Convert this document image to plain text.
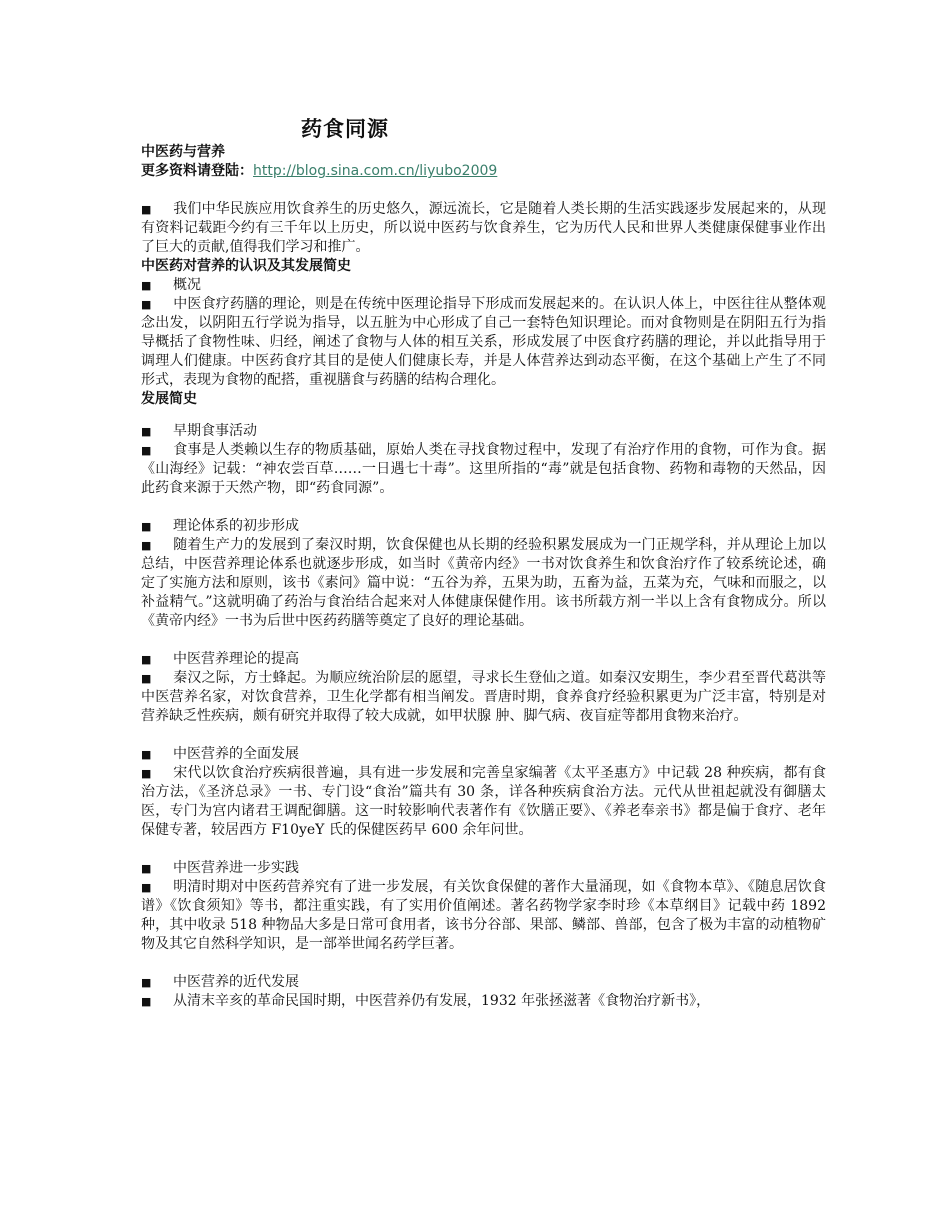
药食同源
中医药与营养
更多资料请登陆：http://blog.sina.com.cn/liyubo2009
■ 我们中华民族应用饮食养生的历史悠久，源远流长，它是随着人类长期的生活实践逐步发展起来的，从现有资料记载距今约有三千年以上历史，所以说中医药与饮食养生，它为历代人民和世界人类健康保健事业作出了巨大的贡献,值得我们学习和推广。
中医药对营养的认识及其发展简史
■ 概况
■ 中医食疗药膳的理论，则是在传统中医理论指导下形成而发展起来的。在认识人体上，中医往往从整体观念出发，以阴阳五行学说为指导，以五脏为中心形成了自己一套特色知识理论。而对食物则是在阴阳五行为指导概括了食物性味、归经，阐述了食物与人体的相互关系，形成发展了中医食疗药膳的理论，并以此指导用于调理人们健康。中医药食疗其目的是使人们健康长寿，并是人体营养达到动态平衡，在这个基础上产生了不同形式，表现为食物的配搭，重视膳食与药膳的结构合理化。
发展简史
■ 早期食事活动
■ 食事是人类赖以生存的物质基础，原始人类在寻找食物过程中，发现了有治疗作用的食物，可作为食。据《山海经》记载：“神农尝百草……一日遇七十毒”。这里所指的“毒”就是包括食物、药物和毒物的天然品，因此药食来源于天然产物，即“药食同源”。
■ 理论体系的初步形成
■ 随着生产力的发展到了秦汉时期，饮食保健也从长期的经验积累发展成为一门正规学科，并从理论上加以总结，中医营养理论体系也就逐步形成，如当时《黄帝内经》一书对饮食养生和饮食治疗作了较系统论述，确定了实施方法和原则，该书《素问》篇中说：“五谷为养，五果为助，五畜为益，五菜为充，气味和而服之，以补益精气。”这就明确了药治与食治结合起来对人体健康保健作用。该书所载方剂一半以上含有食物成分。所以《黄帝内经》一书为后世中医药药膳等奠定了良好的理论基础。
■ 中医营养理论的提高
■ 秦汉之际，方士蜂起。为顺应统治阶层的愿望，寻求长生登仙之道。如秦汉安期生，李少君至晋代葛洪等中医营养名家，对饮食营养，卫生化学都有相当阐发。晋唐时期，食养食疗经验积累更为广泛丰富，特别是对营养缺乏性疾病，颇有研究并取得了较大成就，如甲状腺 肿、脚气病、夜盲症等都用食物来治疗。
■ 中医营养的全面发展
■ 宋代以饮食治疗疾病很普遍，具有进一步发展和完善皇家编著《太平圣惠方》中记载 28 种疾病，都有食治方法，《圣济总录》一书、专门设“食治”篇共有 30 条，详各种疾病食治方法。元代从世祖起就没有御膳太医，专门为宫内诸君王调配御膳。这一时较影响代表著作有《饮膳正要》、《养老奉亲书》都是偏于食疗、老年保健专著，较居西方 F10yeY 氏的保健医药早 600 余年问世。
■ 中医营养进一步实践
■ 明清时期对中医药营养究有了进一步发展，有关饮食保健的著作大量涌现，如《食物本草》、《随息居饮食谱》《饮食须知》等书，都注重实践，有了实用价值阐述。著名药物学家李时珍《本草纲目》记载中药 1892 种，其中收录 518 种物品大多是日常可食用者，该书分谷部、果部、鳞部、兽部，包含了极为丰富的动植物矿物及其它自然科学知识，是一部举世闻名药学巨著。
■ 中医营养的近代发展
■ 从清末辛亥的革命民国时期，中医营养仍有发展，1932 年张拯滋著《食物治疗新书》，
